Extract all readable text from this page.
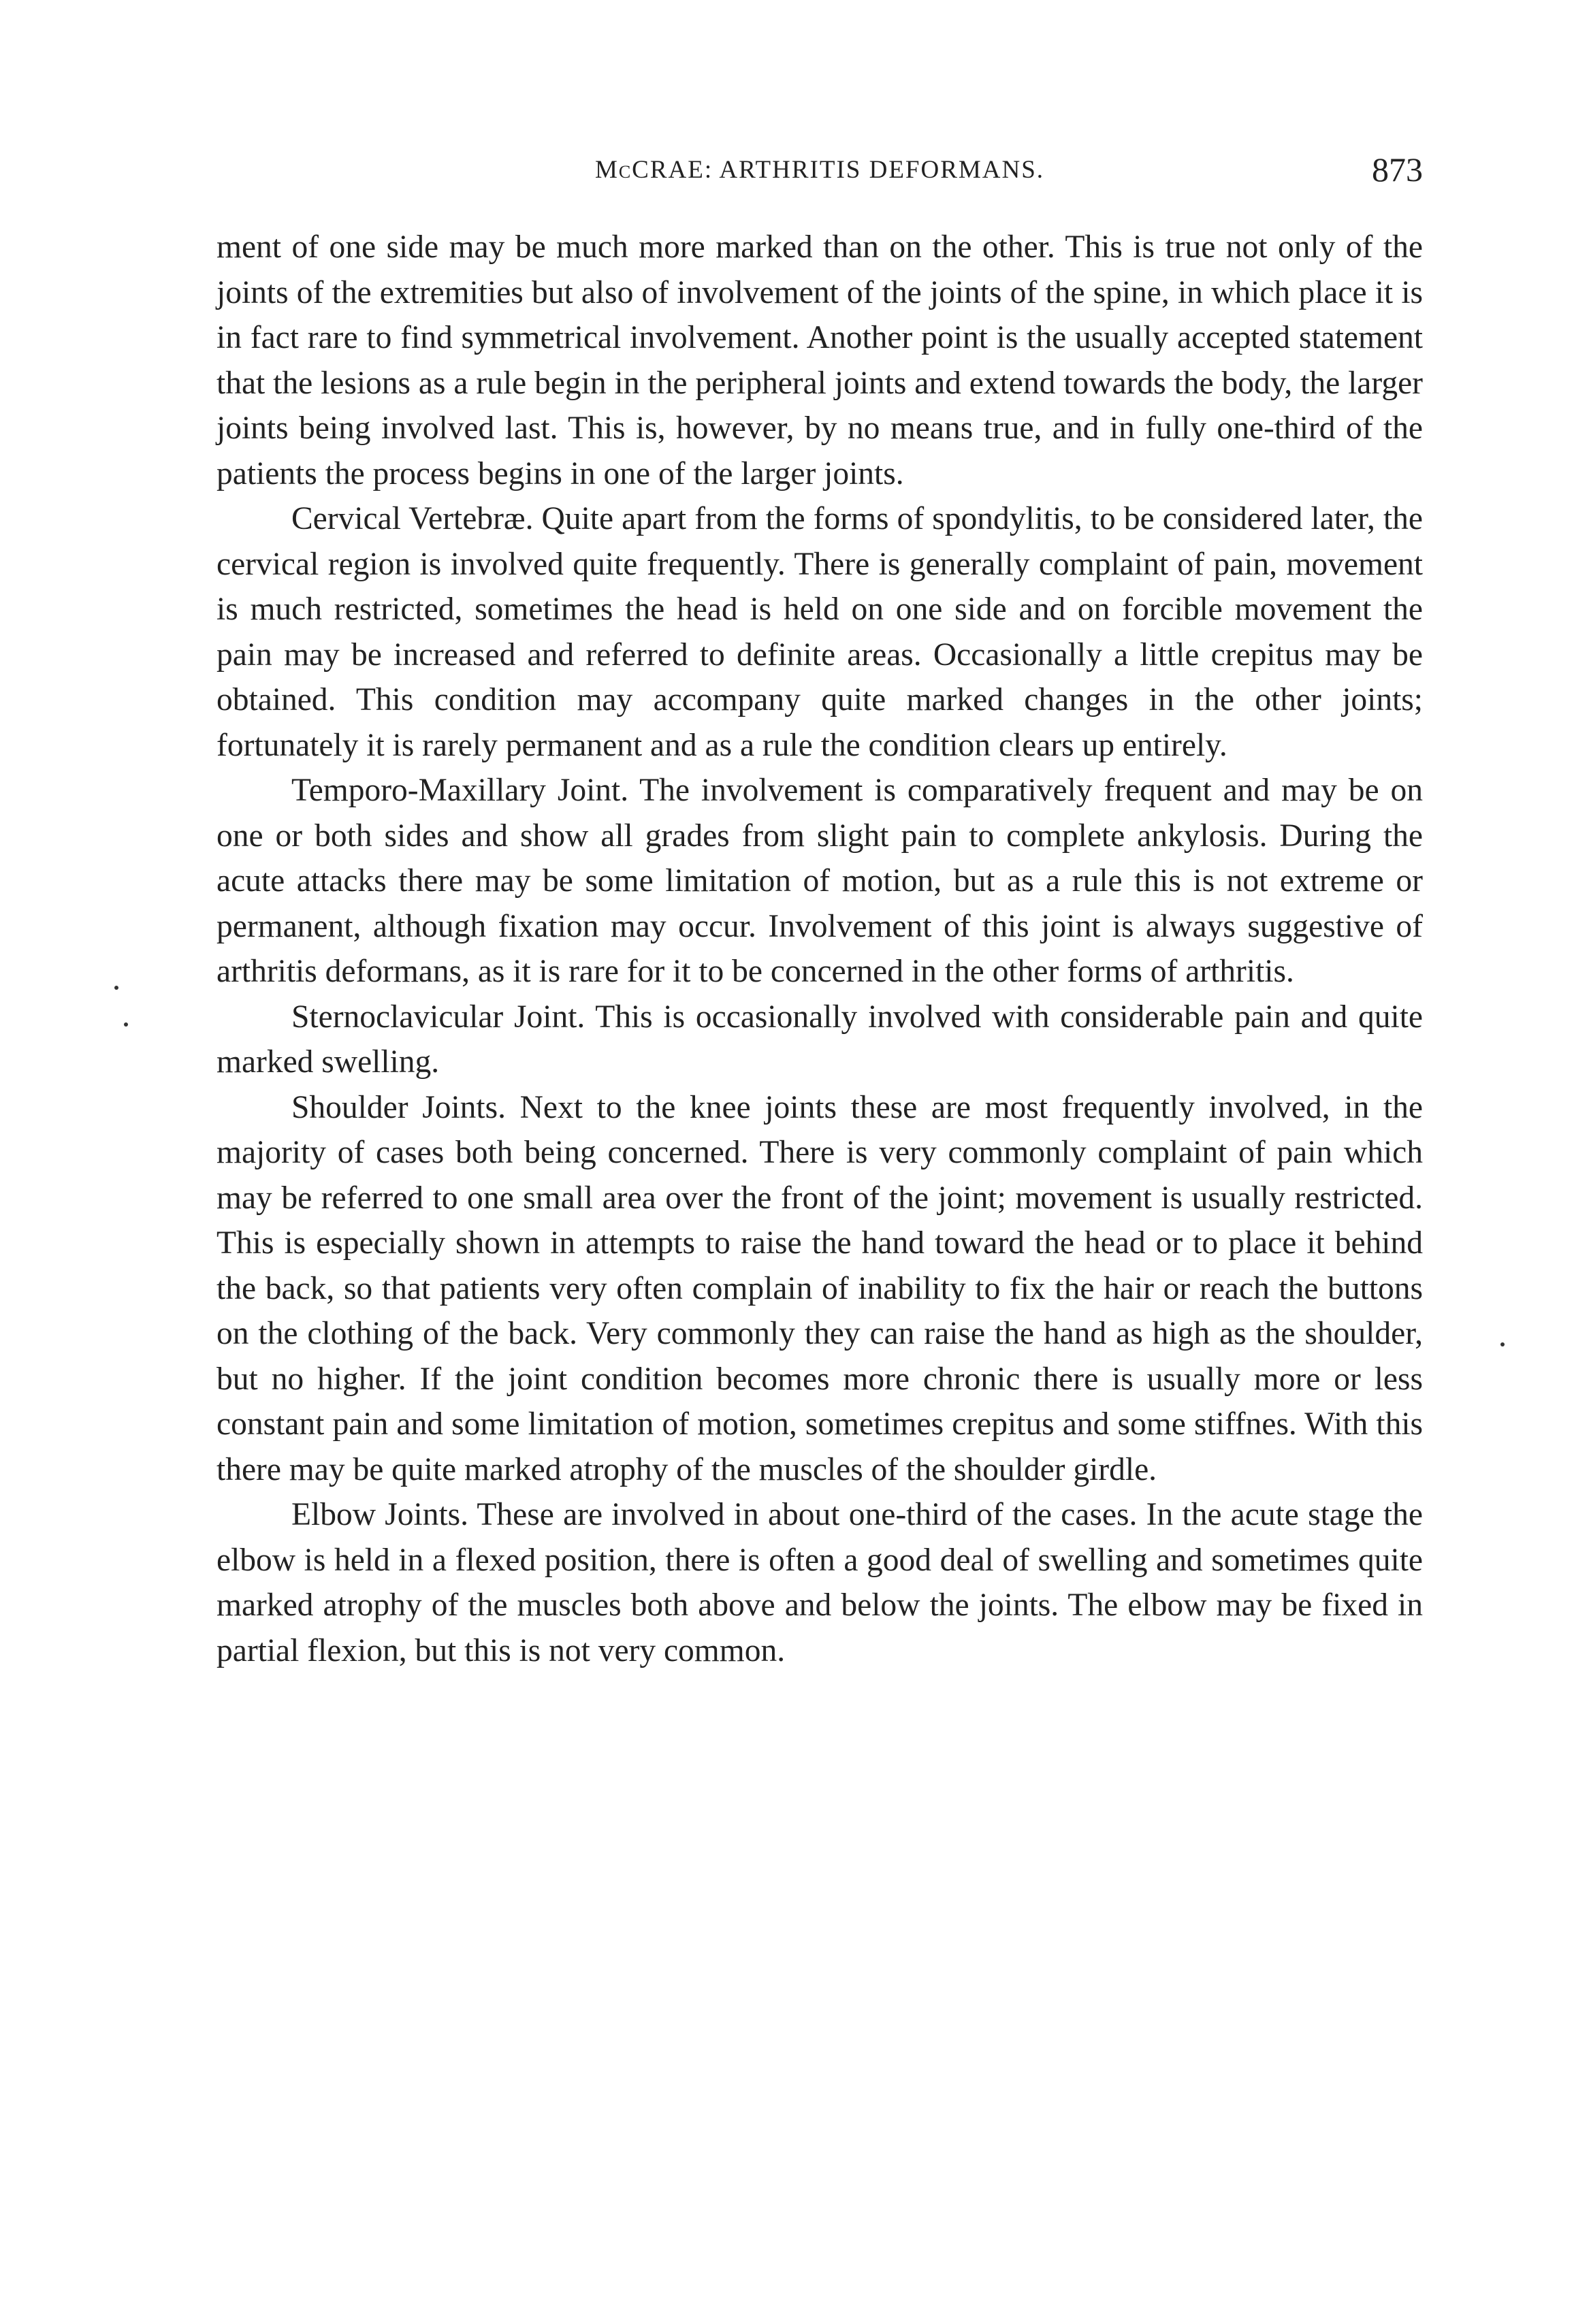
McCRAE: ARTHRITIS DEFORMANS.	873

ment of one side may be much more marked than on the other. This is true not only of the joints of the extremities but also of involvement of the joints of the spine, in which place it is in fact rare to find symmetrical involvement. Another point is the usually accepted statement that the lesions as a rule begin in the peripheral joints and extend towards the body, the larger joints being involved last. This is, however, by no means true, and in fully one-third of the patients the process begins in one of the larger joints.

Cervical Vertebræ. Quite apart from the forms of spondylitis, to be considered later, the cervical region is involved quite frequently. There is generally complaint of pain, movement is much restricted, sometimes the head is held on one side and on forcible movement the pain may be increased and referred to definite areas. Occasionally a little crepitus may be obtained. This condition may accompany quite marked changes in the other joints; fortunately it is rarely permanent and as a rule the condition clears up entirely.

Temporo-Maxillary Joint. The involvement is comparatively frequent and may be on one or both sides and show all grades from slight pain to complete ankylosis. During the acute attacks there may be some limitation of motion, but as a rule this is not extreme or permanent, although fixation may occur. Involvement of this joint is always suggestive of arthritis deformans, as it is rare for it to be concerned in the other forms of arthritis.

Sternoclavicular Joint. This is occasionally involved with considerable pain and quite marked swelling.

Shoulder Joints. Next to the knee joints these are most frequently involved, in the majority of cases both being concerned. There is very commonly complaint of pain which may be referred to one small area over the front of the joint; movement is usually restricted. This is especially shown in attempts to raise the hand toward the head or to place it behind the back, so that patients very often complain of inability to fix the hair or reach the buttons on the clothing of the back. Very commonly they can raise the hand as high as the shoulder, but no higher. If the joint condition becomes more chronic there is usually more or less constant pain and some limitation of motion, sometimes crepitus and some stiffnes. With this there may be quite marked atrophy of the muscles of the shoulder girdle.

Elbow Joints. These are involved in about one-third of the cases. In the acute stage the elbow is held in a flexed position, there is often a good deal of swelling and sometimes quite marked atrophy of the muscles both above and below the joints. The elbow may be fixed in partial flexion, but this is not very common.
